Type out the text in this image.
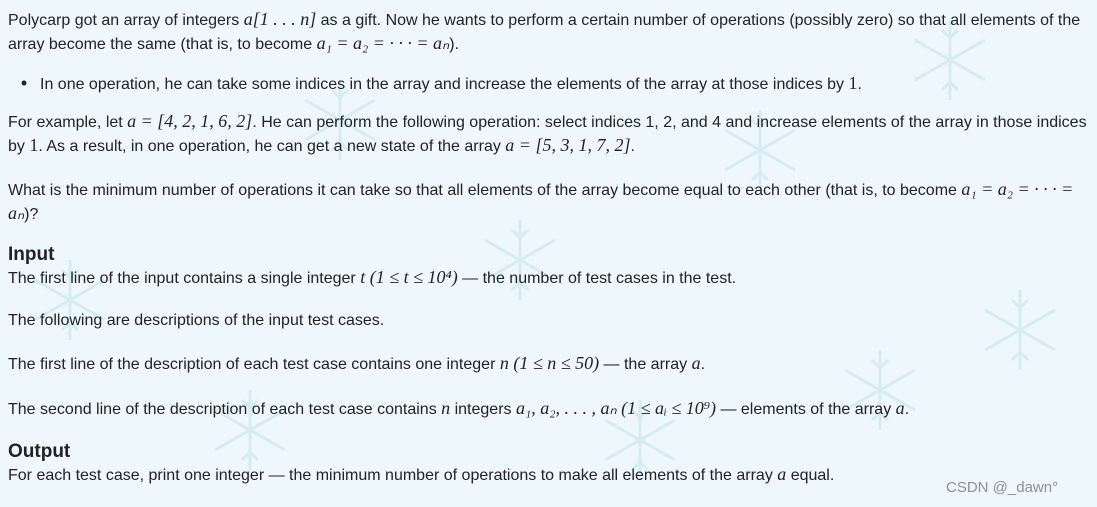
Polycarp got an array of integers a[1 . . . n] as a gift. Now he wants to perform a certain number of operations (possibly zero) so that all elements of the array become the same (that is, to become a₁ = a₂ = · · · = aₙ).

• In one operation, he can take some indices in the array and increase the elements of the array at those indices by 1.

For example, let a = [4, 2, 1, 6, 2]. He can perform the following operation: select indices 1, 2, and 4 and increase elements of the array in those indices by 1. As a result, in one operation, he can get a new state of the array a = [5, 3, 1, 7, 2].

What is the minimum number of operations it can take so that all elements of the array become equal to each other (that is, to become a₁ = a₂ = · · · = aₙ)?

Input

The first line of the input contains a single integer t (1 ≤ t ≤ 10⁴) — the number of test cases in the test.

The following are descriptions of the input test cases.

The first line of the description of each test case contains one integer n (1 ≤ n ≤ 50) — the array a.

The second line of the description of each test case contains n integers a₁, a₂, . . . , aₙ (1 ≤ aᵢ ≤ 10⁹) — elements of the array a.

Output

For each test case, print one integer — the minimum number of operations to make all elements of the array a equal.

CSDN @_dawn°
